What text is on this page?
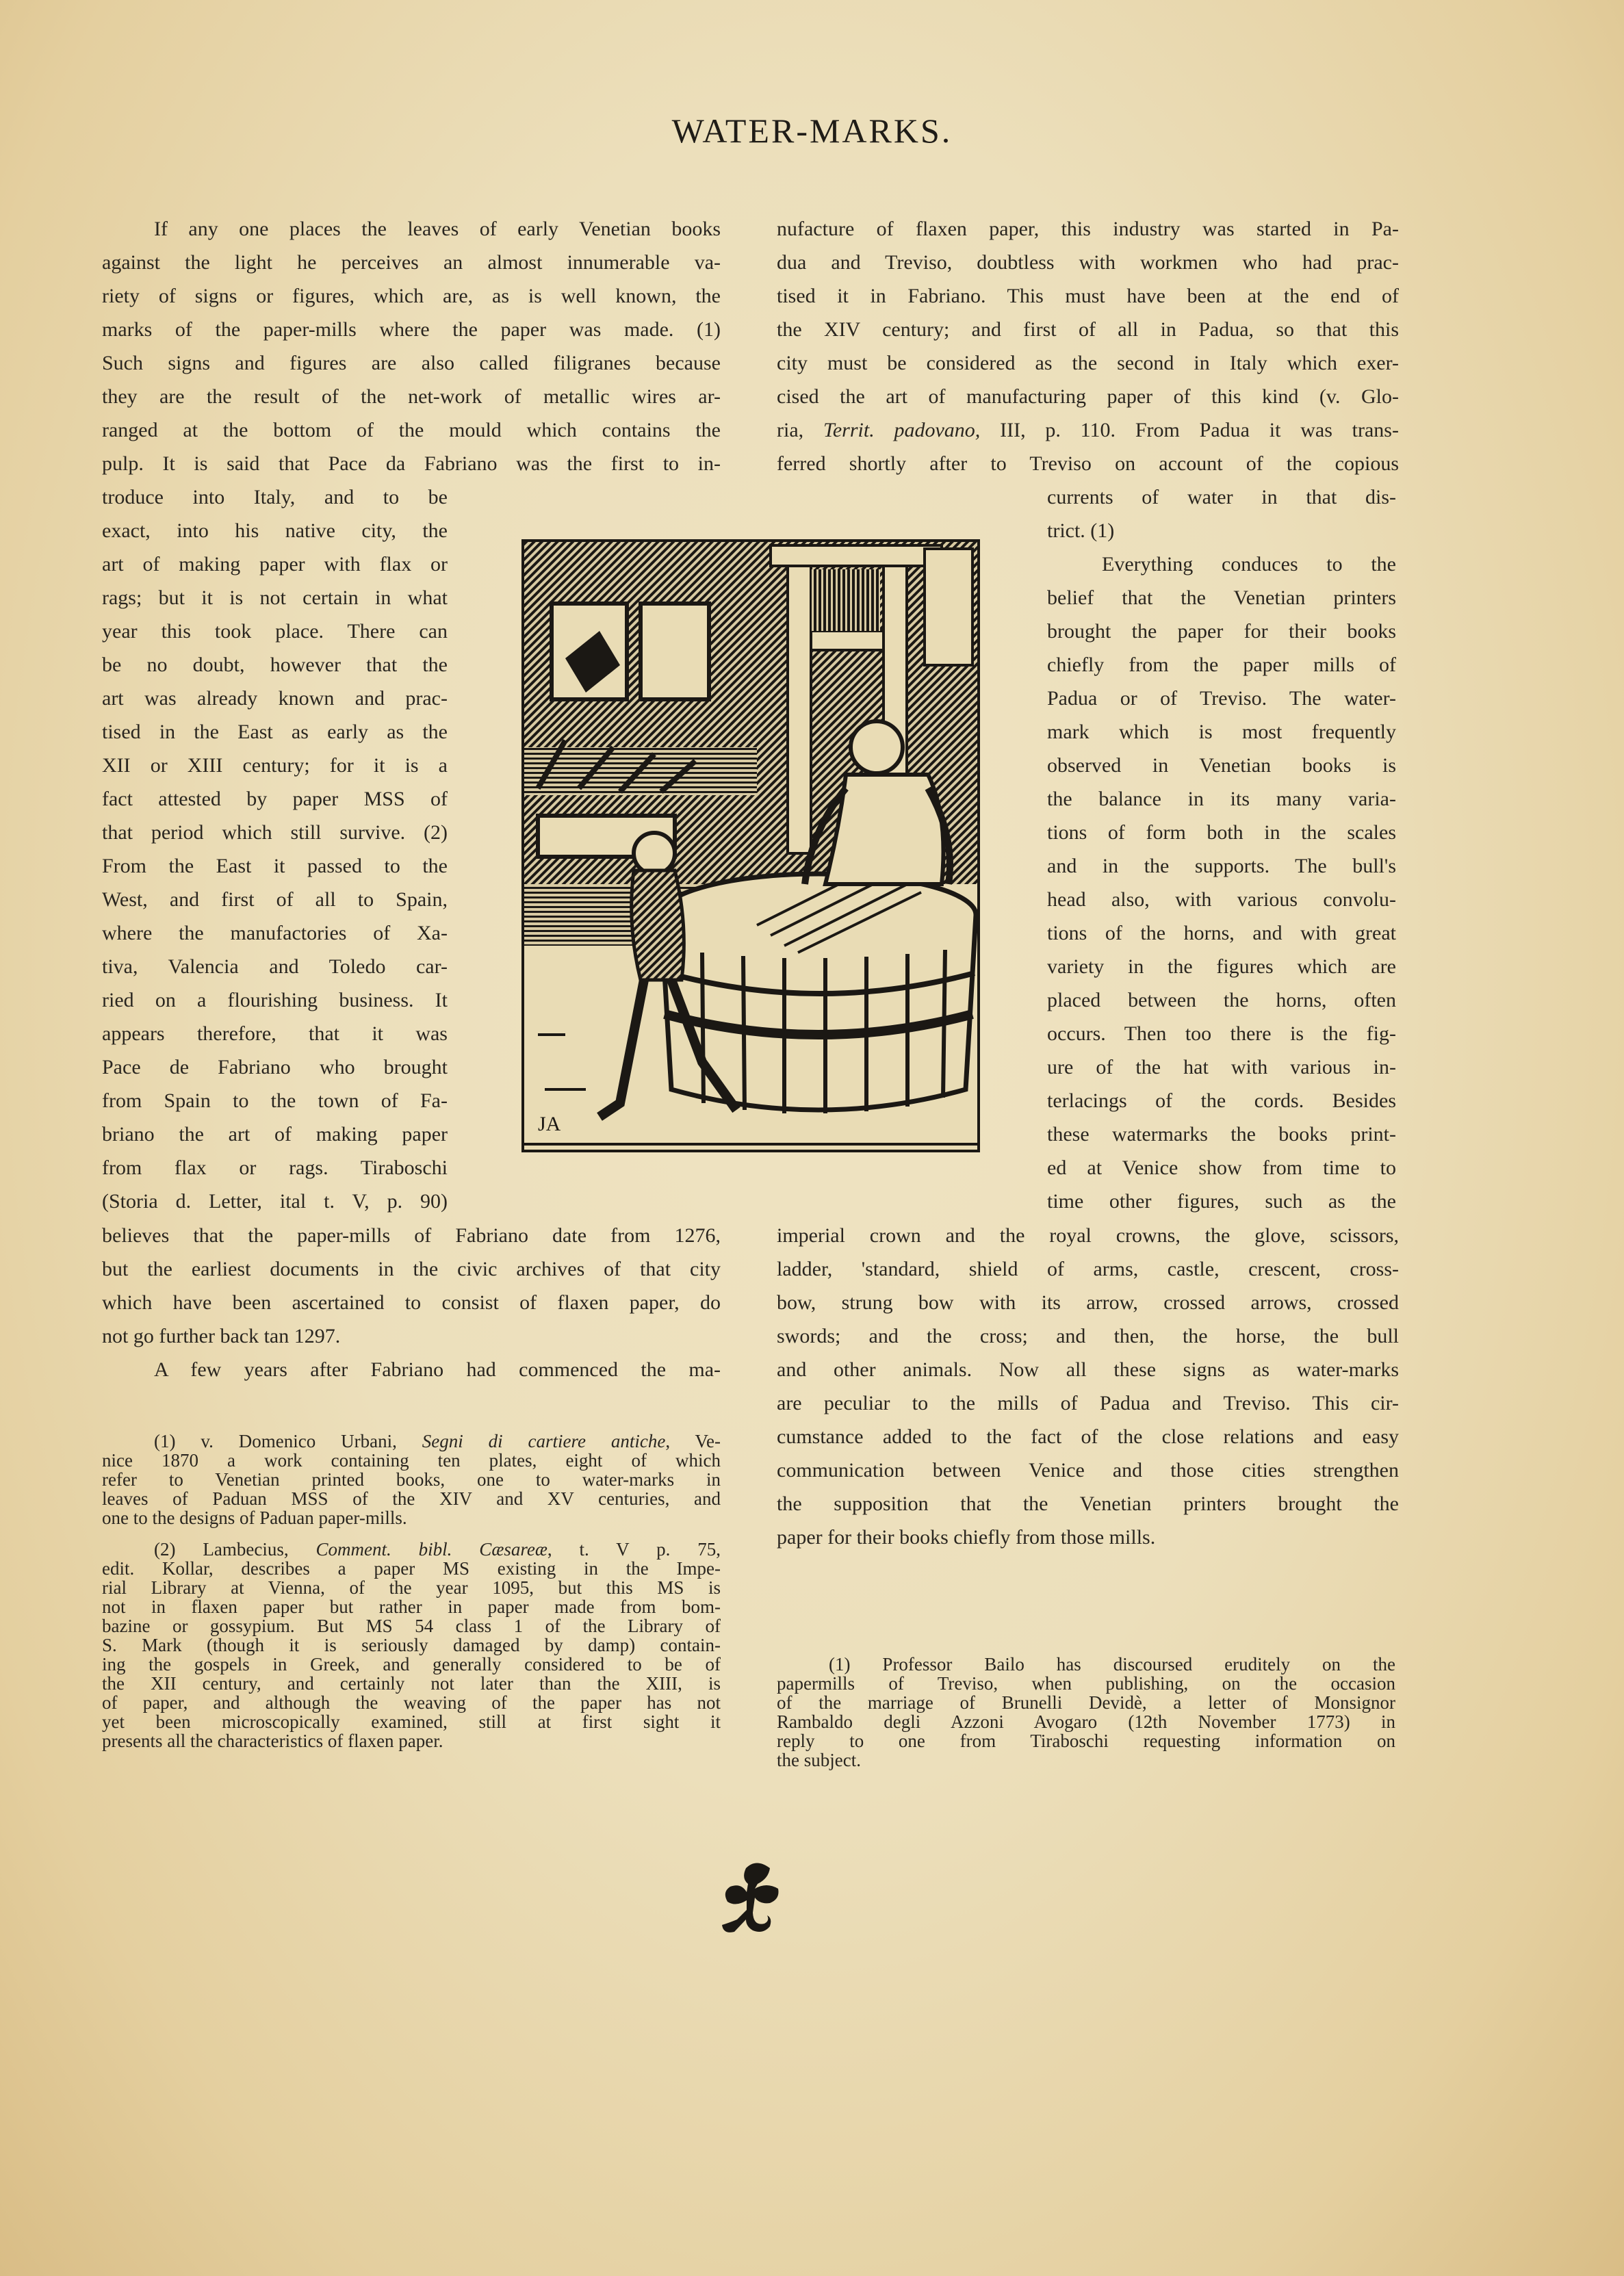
WATER-MARKS.
If any one places the leaves of early Venetian books
against the light he perceives an almost innumerable va-
riety of signs or figures, which are, as is well known, the
marks of the paper-mills where the paper was made. (1)
Such signs and figures are also called filigranes because
they are the result of the net-work of metallic wires ar-
ranged at the bottom of the mould which contains the
pulp. It is said that Pace da Fabriano was the first to in-
troduce into Italy, and to be
exact, into his native city, the
art of making paper with flax or
rags; but it is not certain in what
year this took place. There can
be no doubt, however that the
art was already known and prac-
tised in the East as early as the
XII or XIII century; for it is a
fact attested by paper MSS of
that period which still survive. (2)
From the East it passed to the
West, and first of all to Spain,
where the manufactories of Xa-
tiva, Valencia and Toledo car-
ried on a flourishing business. It
appears therefore, that it was
Pace de Fabriano who brought
from Spain to the town of Fa-
briano the art of making paper
from flax or rags. Tiraboschi
(Storia d. Letter, ital t. V, p. 90)
believes that the paper-mills of Fabriano date from 1276,
but the earliest documents in the civic archives of that city
which have been ascertained to consist of flaxen paper, do
not go further back tan 1297.
A few years after Fabriano had commenced the ma-
nufacture of flaxen paper, this industry was started in Pa-
dua and Treviso, doubtless with workmen who had prac-
tised it in Fabriano. This must have been at the end of
the XIV century; and first of all in Padua, so that this
city must be considered as the second in Italy which exer-
cised the art of manufacturing paper of this kind (v. Glo-
ria, Territ. padovano, III, p. 110. From Padua it was trans-
ferred shortly after to Treviso on account of the copious
currents of water in that dis-
trict. (1)
Everything conduces to the
belief that the Venetian printers
brought the paper for their books
chiefly from the paper mills of
Padua or of Treviso. The water-
mark which is most frequently
observed in Venetian books is
the balance in its many varia-
tions of form both in the scales
and in the supports. The bull's
head also, with various convolu-
tions of the horns, and with great
variety in the figures which are
placed between the horns, often
occurs. Then too there is the fig-
ure of the hat with various in-
terlacings of the cords. Besides
these watermarks the books print-
ed at Venice show from time to
time other figures, such as the
imperial crown and the royal crowns, the glove, scissors,
ladder, 'standard, shield of arms, castle, crescent, cross-
bow, strung bow with its arrow, crossed arrows, crossed
swords; and the cross; and then, the horse, the bull
and other animals. Now all these signs as water-marks
are peculiar to the mills of Padua and Treviso. This cir-
cumstance added to the fact of the close relations and easy
communication between Venice and those cities strengthen
the supposition that the Venetian printers brought the
paper for their books chiefly from those mills.
JA
(1) v. Domenico Urbani, Segni di cartiere antiche, Ve-
nice 1870 a work containing ten plates, eight of which
refer to Venetian printed books, one to water-marks in
leaves of Paduan MSS of the XIV and XV centuries, and
one to the designs of Paduan paper-mills.
(2) Lambecius, Comment. bibl. Cæsareæ, t. V p. 75,
edit. Kollar, describes a paper MS existing in the Impe-
rial Library at Vienna, of the year 1095, but this MS is
not in flaxen paper but rather in paper made from bom-
bazine or gossypium. But MS 54 class 1 of the Library of
S. Mark (though it is seriously damaged by damp) contain-
ing the gospels in Greek, and generally considered to be of
the XII century, and certainly not later than the XIII, is
of paper, and although the weaving of the paper has not
yet been microscopically examined, still at first sight it
presents all the characteristics of flaxen paper.
(1) Professor Bailo has discoursed eruditely on the
papermills of Treviso, when publishing, on the occasion
of the marriage of Brunelli Devidè, a letter of Monsignor
Rambaldo degli Azzoni Avogaro (12th November 1773) in
reply to one from Tiraboschi requesting information on
the subject.
